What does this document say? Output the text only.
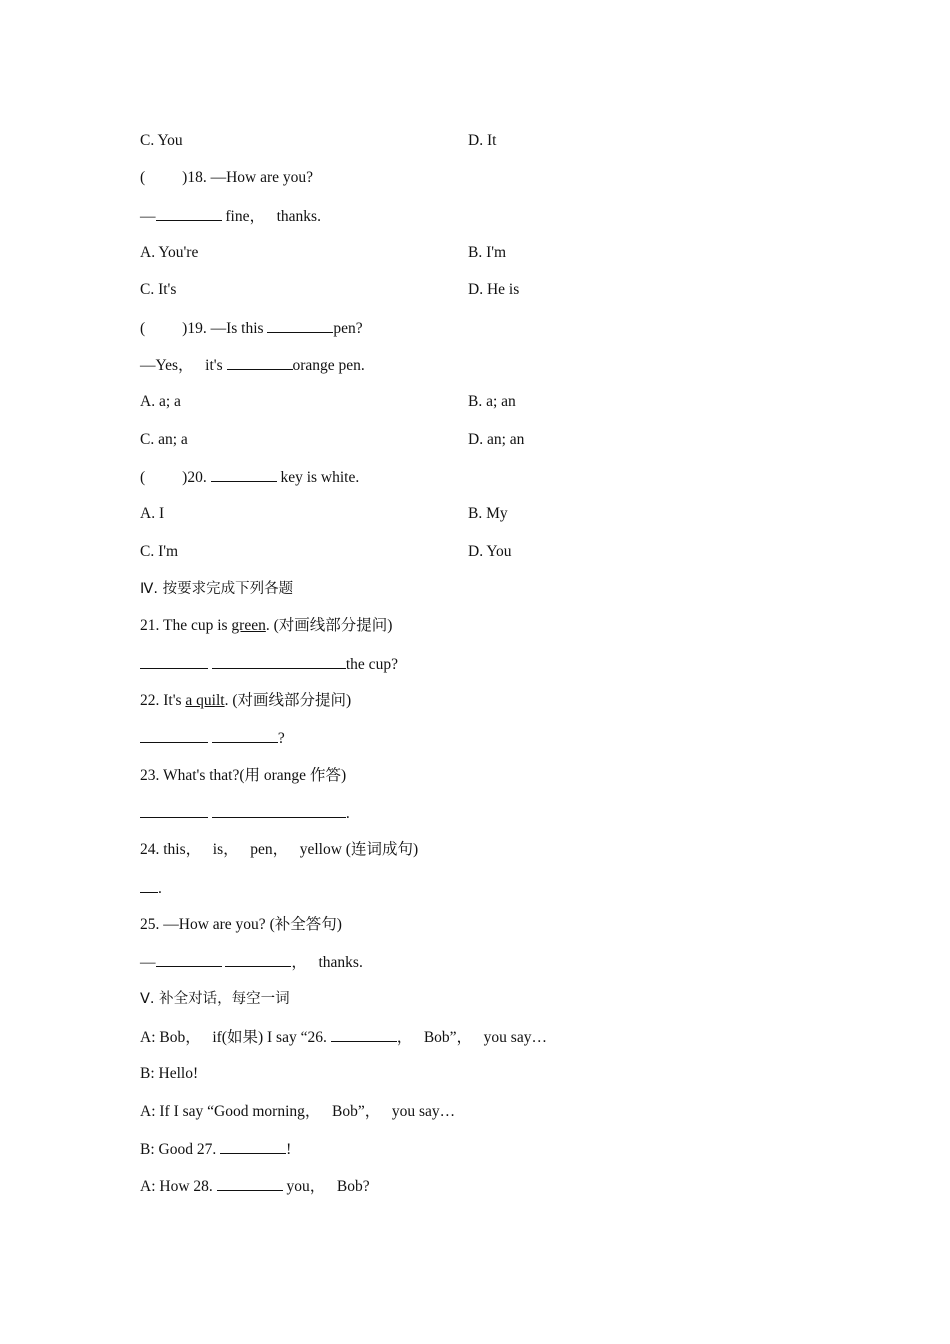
C. You	D. It
( )18. —How are you?
—	fine，   thanks.
A. You're	B. I'm
C. It's	D. He is
( )19. —Is this	pen?
—Yes，   it's	orange pen.
A. a; a	B. a; an
C. an; a	D. an; an
( )20.	key is white.
A. I	B. My
C. I'm	D. You
Ⅳ. 按要求完成下列各题
21. The cup is green. (对画线部分提问)
the cup?
22. It's a quilt. (对画线部分提问)
?
23. What's that?(用 orange 作答)
.
24. this，   is，   pen，   yellow (连词成句)
.
25. —How are you? (补全答句)
—	，   thanks.
Ⅴ. 补全对话，每空一词
A: Bob，   if(如果) I say “26.	，   Bob”，   you say…
B: Hello!
A: If I say “Good morning，   Bob”，   you say…
B: Good 27.	!
A: How 28.	you，   Bob?
